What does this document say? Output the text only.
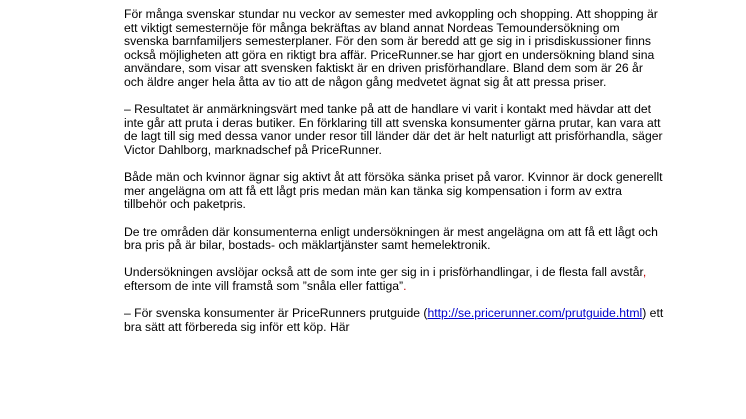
För många svenskar stundar nu veckor av semester med avkoppling och shopping. Att shopping är ett viktigt semesternöje för många bekräftas av bland annat Nordeas Temoundersökning om svenska barnfamiljers semesterplaner. För den som är beredd att ge sig in i prisdiskussioner finns också möjligheten att göra en riktigt bra affär. PriceRunner.se har gjort en undersökning bland sina användare, som visar att svensken faktiskt är en driven prisförhandlare. Bland dem som är 26 år och äldre anger hela åtta av tio att de någon gång medvetet ägnat sig åt att pressa priser.

– Resultatet är anmärkningsvärt med tanke på att de handlare vi varit i kontakt med hävdar att det inte går att pruta i deras butiker. En förklaring till att svenska konsumenter gärna prutar, kan vara att de lagt till sig med dessa vanor under resor till länder där det är helt naturligt att prisförhandla, säger Victor Dahlborg, marknadschef på PriceRunner.

Både män och kvinnor ägnar sig aktivt åt att försöka sänka priset på varor. Kvinnor är dock generellt mer angelägna om att få ett lågt pris medan män kan tänka sig kompensation i form av extra tillbehör och paketpris.

De tre områden där konsumenterna enligt undersökningen är mest angelägna om att få ett lågt och bra pris på är bilar, bostads- och mäklartjänster samt hemelektronik.

Undersökningen avslöjar också att de som inte ger sig in i prisförhandlingar, i de flesta fall avstår, eftersom de inte vill framstå som ”snåla eller fattiga”.

– För svenska konsumenter är PriceRunners prutguide (http://se.pricerunner.com/prutguide.html) ett bra sätt att förbereda sig inför ett köp. Här
